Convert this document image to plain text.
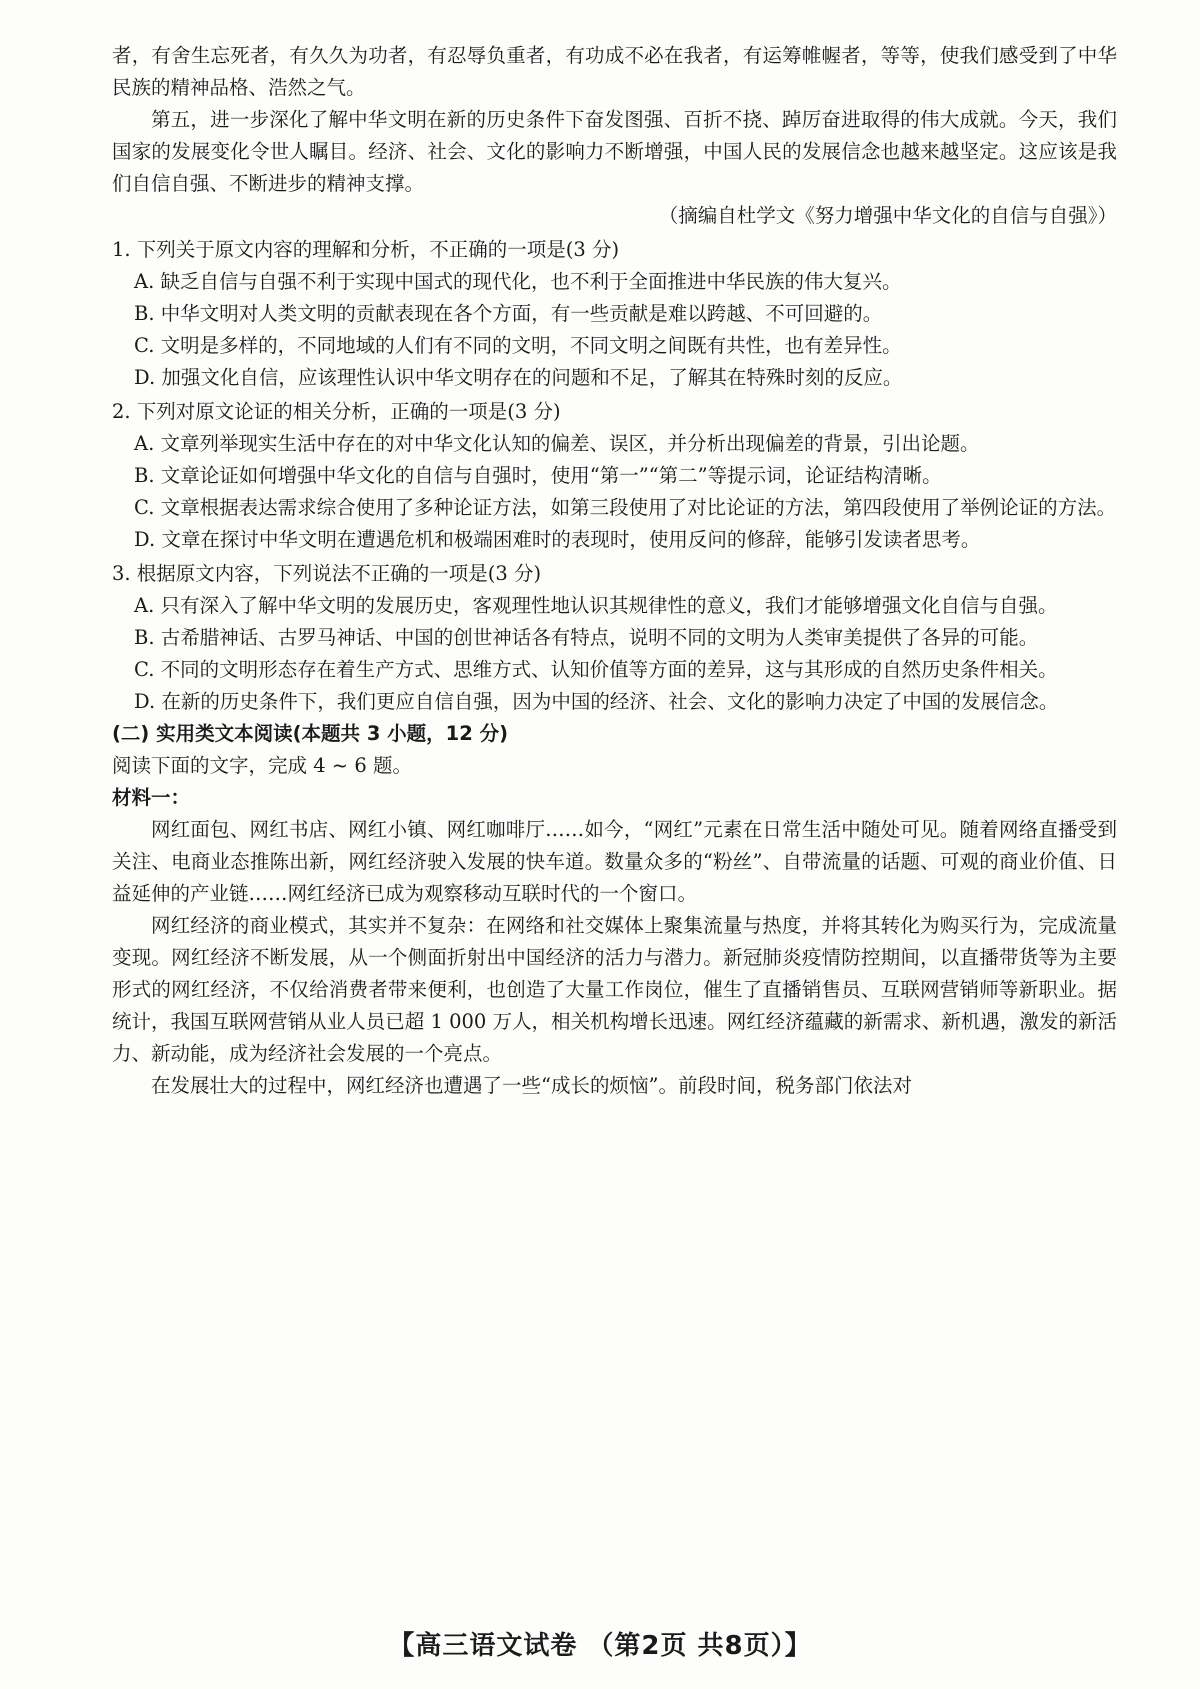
者，有舍生忘死者，有久久为功者，有忍辱负重者，有功成不必在我者，有运筹帷幄者，等等，使我们感受到了中华民族的精神品格、浩然之气。
第五，进一步深化了解中华文明在新的历史条件下奋发图强、百折不挠、踔厉奋进取得的伟大成就。今天，我们国家的发展变化令世人瞩目。经济、社会、文化的影响力不断增强，中国人民的发展信念也越来越坚定。这应该是我们自信自强、不断进步的精神支撑。
（摘编自杜学文《努力增强中华文化的自信与自强》）
1. 下列关于原文内容的理解和分析，不正确的一项是(3 分)
A. 缺乏自信与自强不利于实现中国式的现代化，也不利于全面推进中华民族的伟大复兴。
B. 中华文明对人类文明的贡献表现在各个方面，有一些贡献是难以跨越、不可回避的。
C. 文明是多样的，不同地域的人们有不同的文明，不同文明之间既有共性，也有差异性。
D. 加强文化自信，应该理性认识中华文明存在的问题和不足，了解其在特殊时刻的反应。
2. 下列对原文论证的相关分析，正确的一项是(3 分)
A. 文章列举现实生活中存在的对中华文化认知的偏差、误区，并分析出现偏差的背景，引出论题。
B. 文章论证如何增强中华文化的自信与自强时，使用“第一”“第二”等提示词，论证结构清晰。
C. 文章根据表达需求综合使用了多种论证方法，如第三段使用了对比论证的方法，第四段使用了举例论证的方法。
D. 文章在探讨中华文明在遭遇危机和极端困难时的表现时，使用反问的修辞，能够引发读者思考。
3. 根据原文内容，下列说法不正确的一项是(3 分)
A. 只有深入了解中华文明的发展历史，客观理性地认识其规律性的意义，我们才能够增强文化自信与自强。
B. 古希腊神话、古罗马神话、中国的创世神话各有特点，说明不同的文明为人类审美提供了各异的可能。
C. 不同的文明形态存在着生产方式、思维方式、认知价值等方面的差异，这与其形成的自然历史条件相关。
D. 在新的历史条件下，我们更应自信自强，因为中国的经济、社会、文化的影响力决定了中国的发展信念。
(二) 实用类文本阅读(本题共 3 小题，12 分)
阅读下面的文字，完成 4 ~ 6 题。
材料一：
网红面包、网红书店、网红小镇、网红咖啡厅……如今，“网红”元素在日常生活中随处可见。随着网络直播受到关注、电商业态推陈出新，网红经济驶入发展的快车道。数量众多的“粉丝”、自带流量的话题、可观的商业价值、日益延伸的产业链……网红经济已成为观察移动互联时代的一个窗口。
网红经济的商业模式，其实并不复杂：在网络和社交媒体上聚集流量与热度，并将其转化为购买行为，完成流量变现。网红经济不断发展，从一个侧面折射出中国经济的活力与潜力。新冠肺炎疫情防控期间，以直播带货等为主要形式的网红经济，不仅给消费者带来便利，也创造了大量工作岗位，催生了直播销售员、互联网营销师等新职业。据统计，我国互联网营销从业人员已超 1 000 万人，相关机构增长迅速。网红经济蕴藏的新需求、新机遇，激发的新活力、新动能，成为经济社会发展的一个亮点。
在发展壮大的过程中，网红经济也遭遇了一些“成长的烦恼”。前段时间，税务部门依法对
【高三语文试卷 （第2页 共8页）】
